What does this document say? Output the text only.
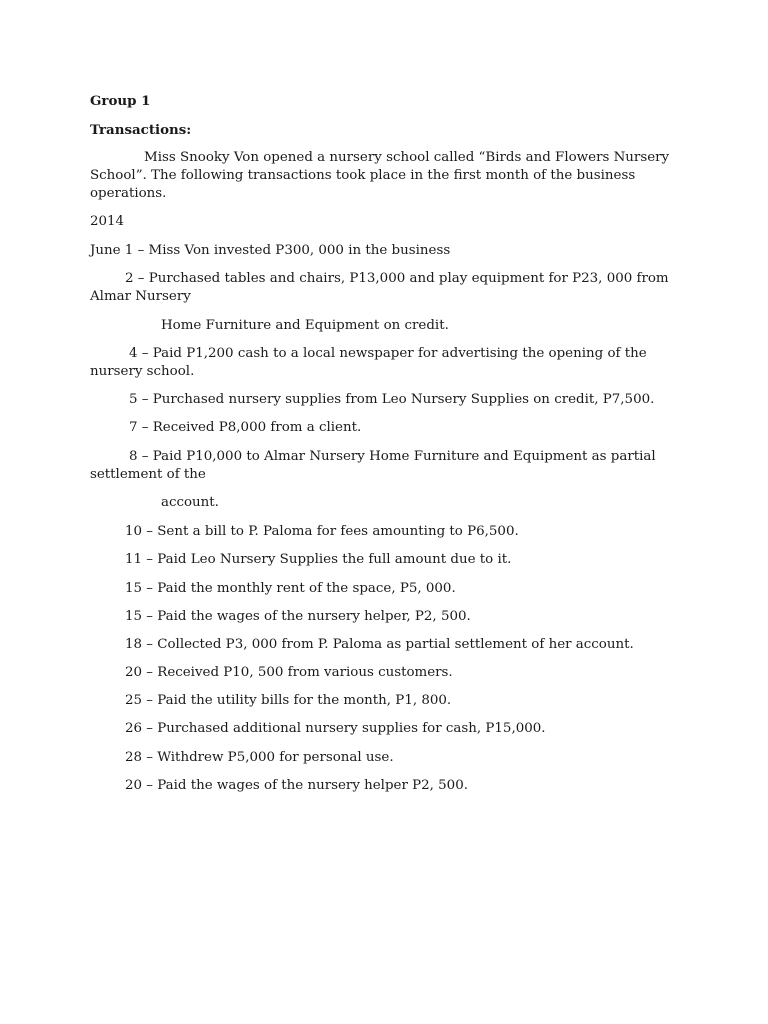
Group 1
Transactions:
Miss Snooky Von opened a nursery school called “Birds and Flowers Nursery School”. The following transactions took place in the first month of the business operations.
2014
June 1 – Miss Von invested P300, 000 in the business
2 – Purchased tables and chairs, P13,000 and play equipment for P23, 000 from Almar Nursery
Home Furniture and Equipment on credit.
4 – Paid P1,200 cash to a local newspaper for advertising the opening of the nursery school.
5 – Purchased nursery supplies from Leo Nursery Supplies on credit, P7,500.
7 – Received P8,000 from a client.
8 – Paid P10,000 to Almar Nursery Home Furniture and Equipment as partial settlement of the
account.
10 – Sent a bill to P. Paloma for fees amounting to P6,500.
11 – Paid Leo Nursery Supplies the full amount due to it.
15 – Paid the monthly rent of the space, P5, 000.
15 – Paid the wages of the nursery helper, P2, 500.
18 – Collected P3, 000 from P. Paloma as partial settlement of her account.
20 – Received P10, 500 from various customers.
25 – Paid the utility bills for the month, P1, 800.
26 – Purchased additional nursery supplies for cash, P15,000.
28 – Withdrew P5,000 for personal use.
20 – Paid the wages of the nursery helper P2, 500.
